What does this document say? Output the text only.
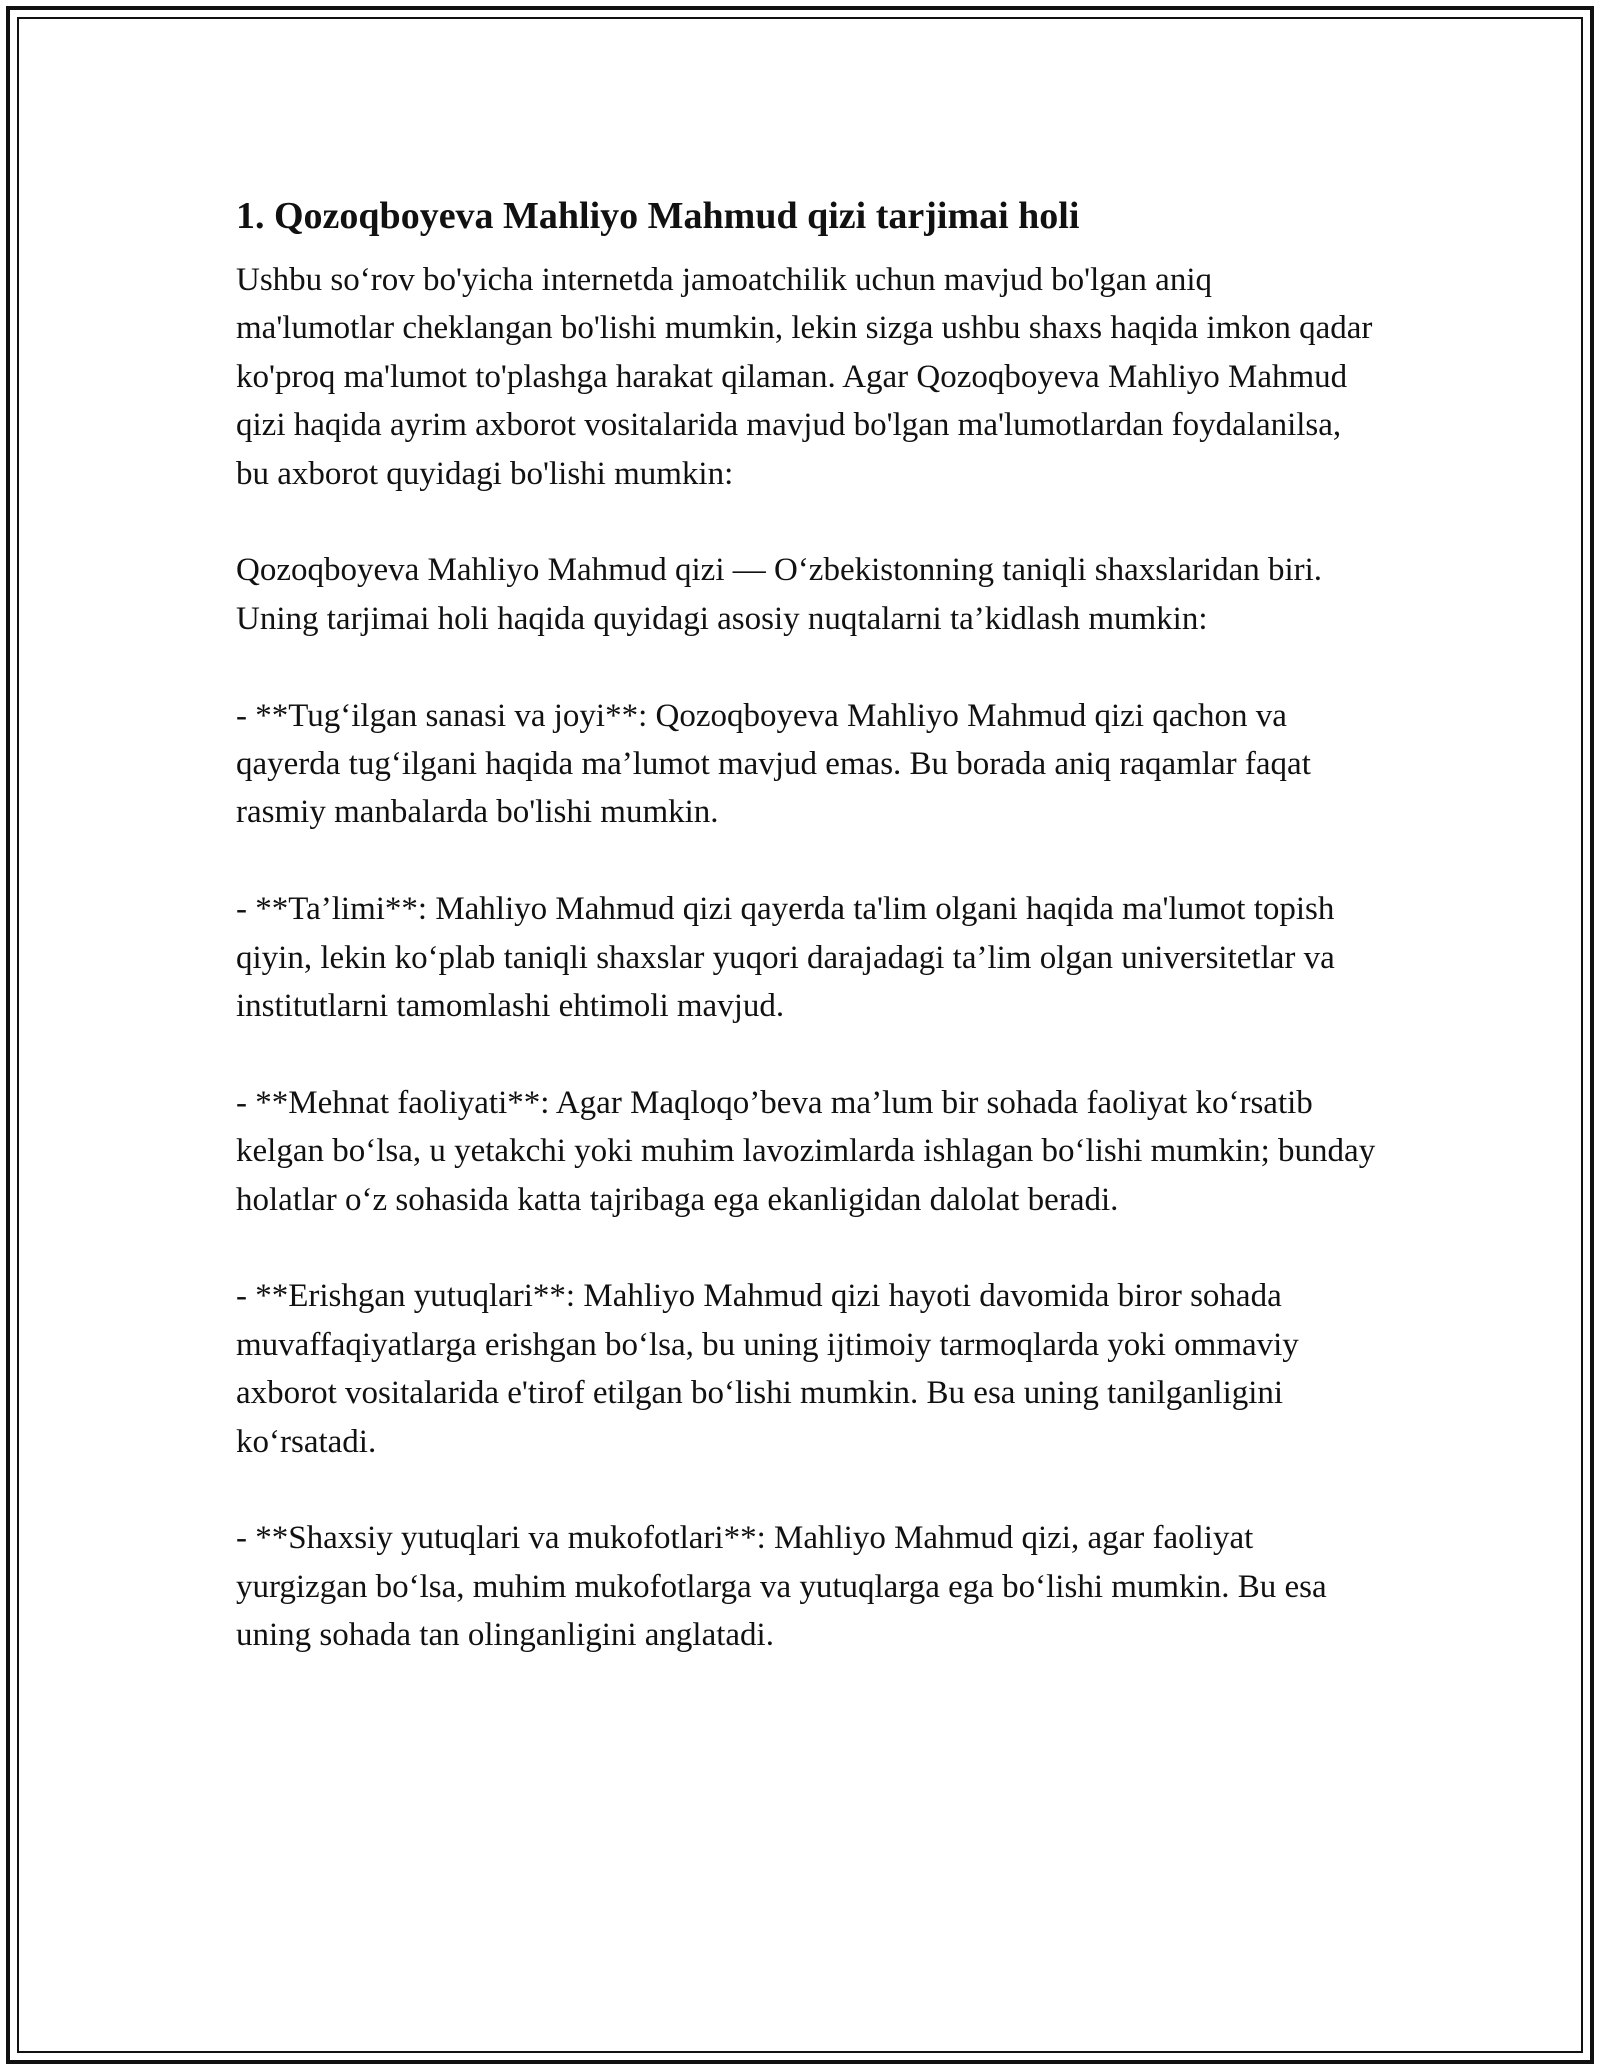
1. Qozoqboyeva Mahliyo Mahmud qizi tarjimai holi

Ushbu so‘rov bo'yicha internetda jamoatchilik uchun mavjud bo'lgan aniq ma'lumotlar cheklangan bo'lishi mumkin, lekin sizga ushbu shaxs haqida imkon qadar ko'proq ma'lumot to'plashga harakat qilaman. Agar Qozoqboyeva Mahliyo Mahmud qizi haqida ayrim axborot vositalarida mavjud bo'lgan ma'lumotlardan foydalanilsa, bu axborot quyidagi bo'lishi mumkin:

Qozoqboyeva Mahliyo Mahmud qizi — O‘zbekistonning taniqli shaxslaridan biri. Uning tarjimai holi haqida quyidagi asosiy nuqtalarni ta’kidlash mumkin:

- **Tug‘ilgan sanasi va joyi**: Qozoqboyeva Mahliyo Mahmud qizi qachon va qayerda tug‘ilgani haqida ma’lumot mavjud emas. Bu borada aniq raqamlar faqat rasmiy manbalarda bo'lishi mumkin.

- **Ta’limi**: Mahliyo Mahmud qizi qayerda ta'lim olgani haqida ma'lumot topish qiyin, lekin ko‘plab taniqli shaxslar yuqori darajadagi ta’lim olgan universitetlar va institutlarni tamomlashi ehtimoli mavjud.

- **Mehnat faoliyati**: Agar Maqloqo’beva ma’lum bir sohada faoliyat ko‘rsatib kelgan bo‘lsa, u yetakchi yoki muhim lavozimlarda ishlagan bo‘lishi mumkin; bunday holatlar o‘z sohasida katta tajribaga ega ekanligidan dalolat beradi.

- **Erishgan yutuqlari**: Mahliyo Mahmud qizi hayoti davomida biror sohada muvaffaqiyatlarga erishgan bo‘lsa, bu uning ijtimoiy tarmoqlarda yoki ommaviy axborot vositalarida e'tirof etilgan bo‘lishi mumkin. Bu esa uning tanilganligini ko‘rsatadi.

- **Shaxsiy yutuqlari va mukofotlari**: Mahliyo Mahmud qizi, agar faoliyat yurgizgan bo‘lsa, muhim mukofotlarga va yutuqlarga ega bo‘lishi mumkin. Bu esa uning sohada tan olinganligini anglatadi.
